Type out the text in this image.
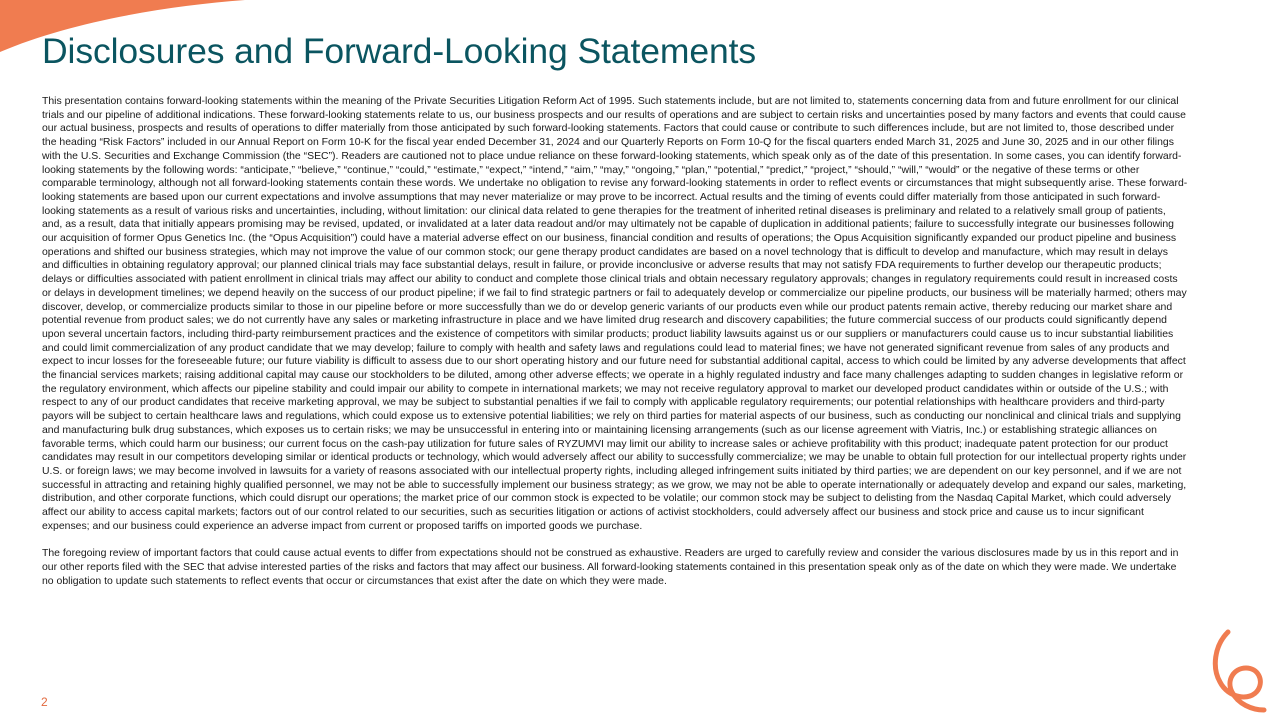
Disclosures and Forward-Looking Statements

This presentation contains forward-looking statements within the meaning of the Private Securities Litigation Reform Act of 1995. Such statements include, but are not limited to, statements concerning data from and future enrollment for our clinical trials and our pipeline of additional indications. These forward-looking statements relate to us, our business prospects and our results of operations and are subject to certain risks and uncertainties posed by many factors and events that could cause our actual business, prospects and results of operations to differ materially from those anticipated by such forward-looking statements. Factors that could cause or contribute to such differences include, but are not limited to, those described under the heading “Risk Factors” included in our Annual Report on Form 10-K for the fiscal year ended December 31, 2024 and our Quarterly Reports on Form 10-Q for the fiscal quarters ended March 31, 2025 and June 30, 2025 and in our other filings with the U.S. Securities and Exchange Commission (the “SEC”). Readers are cautioned not to place undue reliance on these forward-looking statements, which speak only as of the date of this presentation. In some cases, you can identify forward-looking statements by the following words: “anticipate,” “believe,” “continue,” “could,” “estimate,” “expect,” “intend,” “aim,” “may,” “ongoing,” “plan,” “potential,” “predict,” “project,” “should,” “will,” “would” or the negative of these terms or other comparable terminology, although not all forward-looking statements contain these words. We undertake no obligation to revise any forward-looking statements in order to reflect events or circumstances that might subsequently arise. These forward-looking statements are based upon our current expectations and involve assumptions that may never materialize or may prove to be incorrect. Actual results and the timing of events could differ materially from those anticipated in such forward-looking statements as a result of various risks and uncertainties, including, without limitation: our clinical data related to gene therapies for the treatment of inherited retinal diseases is preliminary and related to a relatively small group of patients, and, as a result, data that initially appears promising may be revised, updated, or invalidated at a later data readout and/or may ultimately not be capable of duplication in additional patients; failure to successfully integrate our businesses following our acquisition of former Opus Genetics Inc. (the “Opus Acquisition”) could have a material adverse effect on our business, financial condition and results of operations; the Opus Acquisition significantly expanded our product pipeline and business operations and shifted our business strategies, which may not improve the value of our common stock; our gene therapy product candidates are based on a novel technology that is difficult to develop and manufacture, which may result in delays and difficulties in obtaining regulatory approval; our planned clinical trials may face substantial delays, result in failure, or provide inconclusive or adverse results that may not satisfy FDA requirements to further develop our therapeutic products; delays or difficulties associated with patient enrollment in clinical trials may affect our ability to conduct and complete those clinical trials and obtain necessary regulatory approvals; changes in regulatory requirements could result in increased costs or delays in development timelines; we depend heavily on the success of our product pipeline; if we fail to find strategic partners or fail to adequately develop or commercialize our pipeline products, our business will be materially harmed; others may discover, develop, or commercialize products similar to those in our pipeline before or more successfully than we do or develop generic variants of our products even while our product patents remain active, thereby reducing our market share and potential revenue from product sales; we do not currently have any sales or marketing infrastructure in place and we have limited drug research and discovery capabilities; the future commercial success of our products could significantly depend upon several uncertain factors, including third-party reimbursement practices and the existence of competitors with similar products; product liability lawsuits against us or our suppliers or manufacturers could cause us to incur substantial liabilities and could limit commercialization of any product candidate that we may develop; failure to comply with health and safety laws and regulations could lead to material fines; we have not generated significant revenue from sales of any products and expect to incur losses for the foreseeable future; our future viability is difficult to assess due to our short operating history and our future need for substantial additional capital, access to which could be limited by any adverse developments that affect the financial services markets; raising additional capital may cause our stockholders to be diluted, among other adverse effects; we operate in a highly regulated industry and face many challenges adapting to sudden changes in legislative reform or the regulatory environment, which affects our pipeline stability and could impair our ability to compete in international markets; we may not receive regulatory approval to market our developed product candidates within or outside of the U.S.; with respect to any of our product candidates that receive marketing approval, we may be subject to substantial penalties if we fail to comply with applicable regulatory requirements; our potential relationships with healthcare providers and third-party payors will be subject to certain healthcare laws and regulations, which could expose us to extensive potential liabilities; we rely on third parties for material aspects of our business, such as conducting our nonclinical and clinical trials and supplying and manufacturing bulk drug substances, which exposes us to certain risks; we may be unsuccessful in entering into or maintaining licensing arrangements (such as our license agreement with Viatris, Inc.) or establishing strategic alliances on favorable terms, which could harm our business; our current focus on the cash-pay utilization for future sales of RYZUMVI may limit our ability to increase sales or achieve profitability with this product; inadequate patent protection for our product candidates may result in our competitors developing similar or identical products or technology, which would adversely affect our ability to successfully commercialize; we may be unable to obtain full protection for our intellectual property rights under U.S. or foreign laws; we may become involved in lawsuits for a variety of reasons associated with our intellectual property rights, including alleged infringement suits initiated by third parties; we are dependent on our key personnel, and if we are not successful in attracting and retaining highly qualified personnel, we may not be able to successfully implement our business strategy; as we grow, we may not be able to operate internationally or adequately develop and expand our sales, marketing, distribution, and other corporate functions, which could disrupt our operations; the market price of our common stock is expected to be volatile; our common stock may be subject to delisting from the Nasdaq Capital Market, which could adversely affect our ability to access capital markets; factors out of our control related to our securities, such as securities litigation or actions of activist stockholders, could adversely affect our business and stock price and cause us to incur significant expenses; and our business could experience an adverse impact from current or proposed tariffs on imported goods we purchase.

The foregoing review of important factors that could cause actual events to differ from expectations should not be construed as exhaustive. Readers are urged to carefully review and consider the various disclosures made by us in this report and in our other reports filed with the SEC that advise interested parties of the risks and factors that may affect our business. All forward-looking statements contained in this presentation speak only as of the date on which they were made. We undertake no obligation to update such statements to reflect events that occur or circumstances that exist after the date on which they were made.

2
